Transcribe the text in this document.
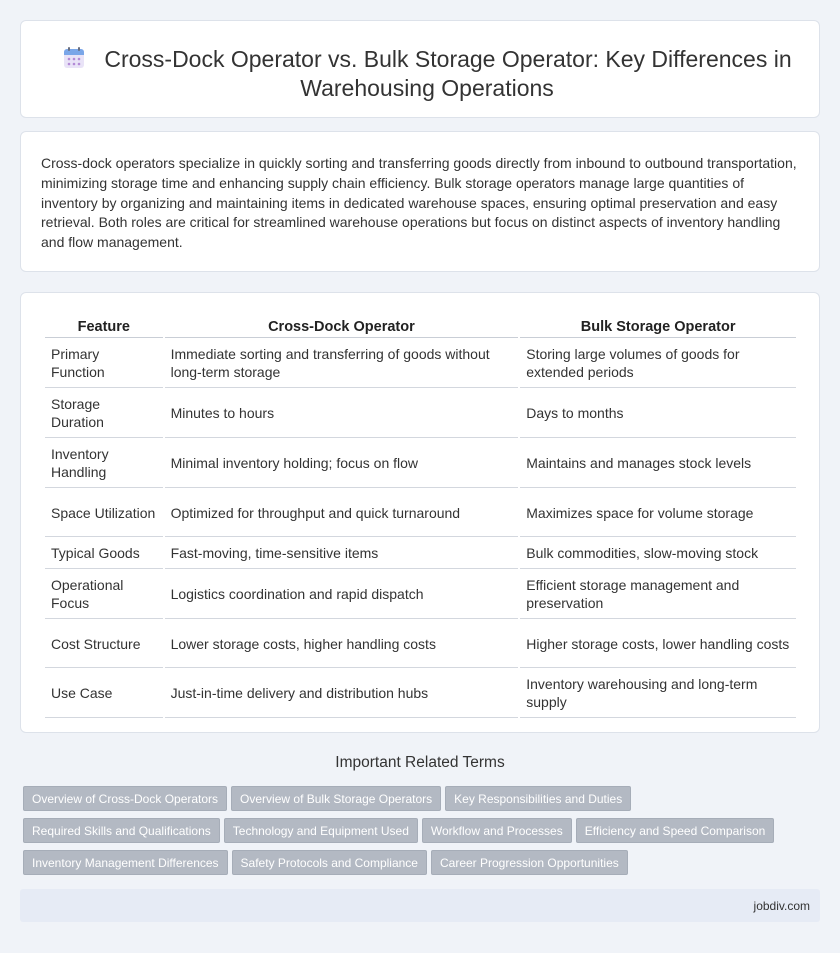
Cross-Dock Operator vs. Bulk Storage Operator: Key Differences in Warehousing Operations

Cross-dock operators specialize in quickly sorting and transferring goods directly from inbound to outbound transportation, minimizing storage time and enhancing supply chain efficiency. Bulk storage operators manage large quantities of inventory by organizing and maintaining items in dedicated warehouse spaces, ensuring optimal preservation and easy retrieval. Both roles are critical for streamlined warehouse operations but focus on distinct aspects of inventory handling and flow management.

Feature	Cross-Dock Operator	Bulk Storage Operator
Primary Function	Immediate sorting and transferring of goods without long-term storage	Storing large volumes of goods for extended periods
Storage Duration	Minutes to hours	Days to months
Inventory Handling	Minimal inventory holding; focus on flow	Maintains and manages stock levels
Space Utilization	Optimized for throughput and quick turnaround	Maximizes space for volume storage
Typical Goods	Fast-moving, time-sensitive items	Bulk commodities, slow-moving stock
Operational Focus	Logistics coordination and rapid dispatch	Efficient storage management and preservation
Cost Structure	Lower storage costs, higher handling costs	Higher storage costs, lower handling costs
Use Case	Just-in-time delivery and distribution hubs	Inventory warehousing and long-term supply
Important Related Terms
Overview of Cross-Dock Operators Overview of Bulk Storage Operators Key Responsibilities and Duties
Required Skills and Qualifications Technology and Equipment Used Workflow and Processes Efficiency and Speed Comparison
Inventory Management Differences Safety Protocols and Compliance Career Progression Opportunities
jobdiv.com
